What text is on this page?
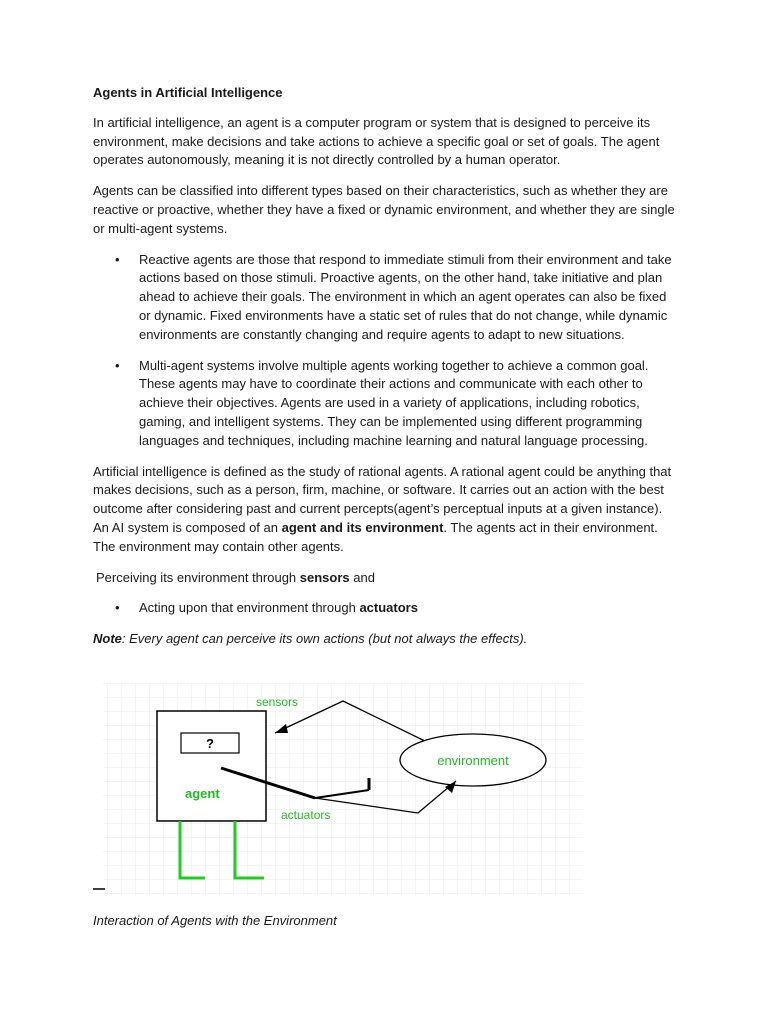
Agents in Artificial Intelligence

In artificial intelligence, an agent is a computer program or system that is designed to perceive its environment, make decisions and take actions to achieve a specific goal or set of goals. The agent operates autonomously, meaning it is not directly controlled by a human operator.

Agents can be classified into different types based on their characteristics, such as whether they are reactive or proactive, whether they have a fixed or dynamic environment, and whether they are single or multi-agent systems.

• Reactive agents are those that respond to immediate stimuli from their environment and take actions based on those stimuli. Proactive agents, on the other hand, take initiative and plan ahead to achieve their goals. The environment in which an agent operates can also be fixed or dynamic. Fixed environments have a static set of rules that do not change, while dynamic environments are constantly changing and require agents to adapt to new situations.
• Multi-agent systems involve multiple agents working together to achieve a common goal. These agents may have to coordinate their actions and communicate with each other to achieve their objectives. Agents are used in a variety of applications, including robotics, gaming, and intelligent systems. They can be implemented using different programming languages and techniques, including machine learning and natural language processing.

Artificial intelligence is defined as the study of rational agents. A rational agent could be anything that makes decisions, such as a person, firm, machine, or software. It carries out an action with the best outcome after considering past and current percepts(agent’s perceptual inputs at a given instance). An AI system is composed of an agent and its environment. The agents act in their environment. The environment may contain other agents.

Perceiving its environment through sensors and

• Acting upon that environment through actuators

Note: Every agent can perceive its own actions (but not always the effects).

?
agent
sensors
environment
actuators

Interaction of Agents with the Environment
